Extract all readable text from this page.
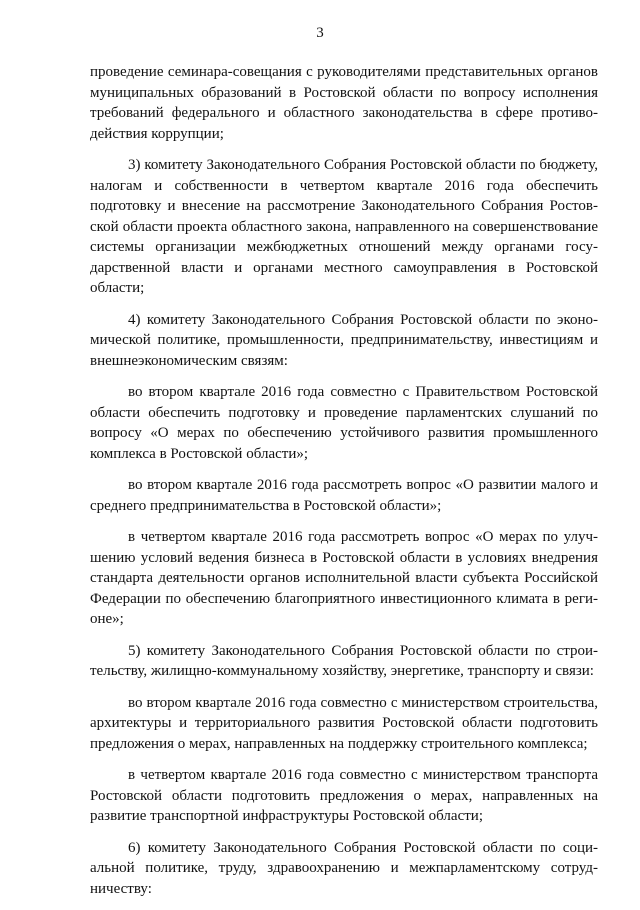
3

проведение семинара-совещания с руководителями представительных органов муниципальных образований в Ростовской области по вопросу исполнения требований федерального и областного законодательства в сфере противодействия коррупции;

3) комитету Законодательного Собрания Ростовской области по бюджету, налогам и собственности в четвертом квартале 2016 года обеспечить подготовку и внесение на рассмотрение Законодательного Собрания Ростовской области проекта областного закона, направленного на совершенствование системы организации межбюджетных отношений между органами государственной власти и органами местного самоуправления в Ростовской области;

4) комитету Законодательного Собрания Ростовской области по экономической политике, промышленности, предпринимательству, инвестициям и внешнеэкономическим связям:

во втором квартале 2016 года совместно с Правительством Ростовской области обеспечить подготовку и проведение парламентских слушаний по вопросу «О мерах по обеспечению устойчивого развития промышленного комплекса в Ростовской области»;

во втором квартале 2016 года рассмотреть вопрос «О развитии малого и среднего предпринимательства в Ростовской области»;

в четвертом квартале 2016 года рассмотреть вопрос «О мерах по улучшению условий ведения бизнеса в Ростовской области в условиях внедрения стандарта деятельности органов исполнительной власти субъекта Российской Федерации по обеспечению благоприятного инвестиционного климата в регионе»;

5) комитету Законодательного Собрания Ростовской области по строительству, жилищно-коммунальному хозяйству, энергетике, транспорту и связи:

во втором квартале 2016 года совместно с министерством строительства, архитектуры и территориального развития Ростовской области подготовить предложения о мерах, направленных на поддержку строительного комплекса;

в четвертом квартале 2016 года совместно с министерством транспорта Ростовской области подготовить предложения о мерах, направленных на развитие транспортной инфраструктуры Ростовской области;

6) комитету Законодательного Собрания Ростовской области по социальной политике, труду, здравоохранению и межпарламентскому сотрудничеству:
